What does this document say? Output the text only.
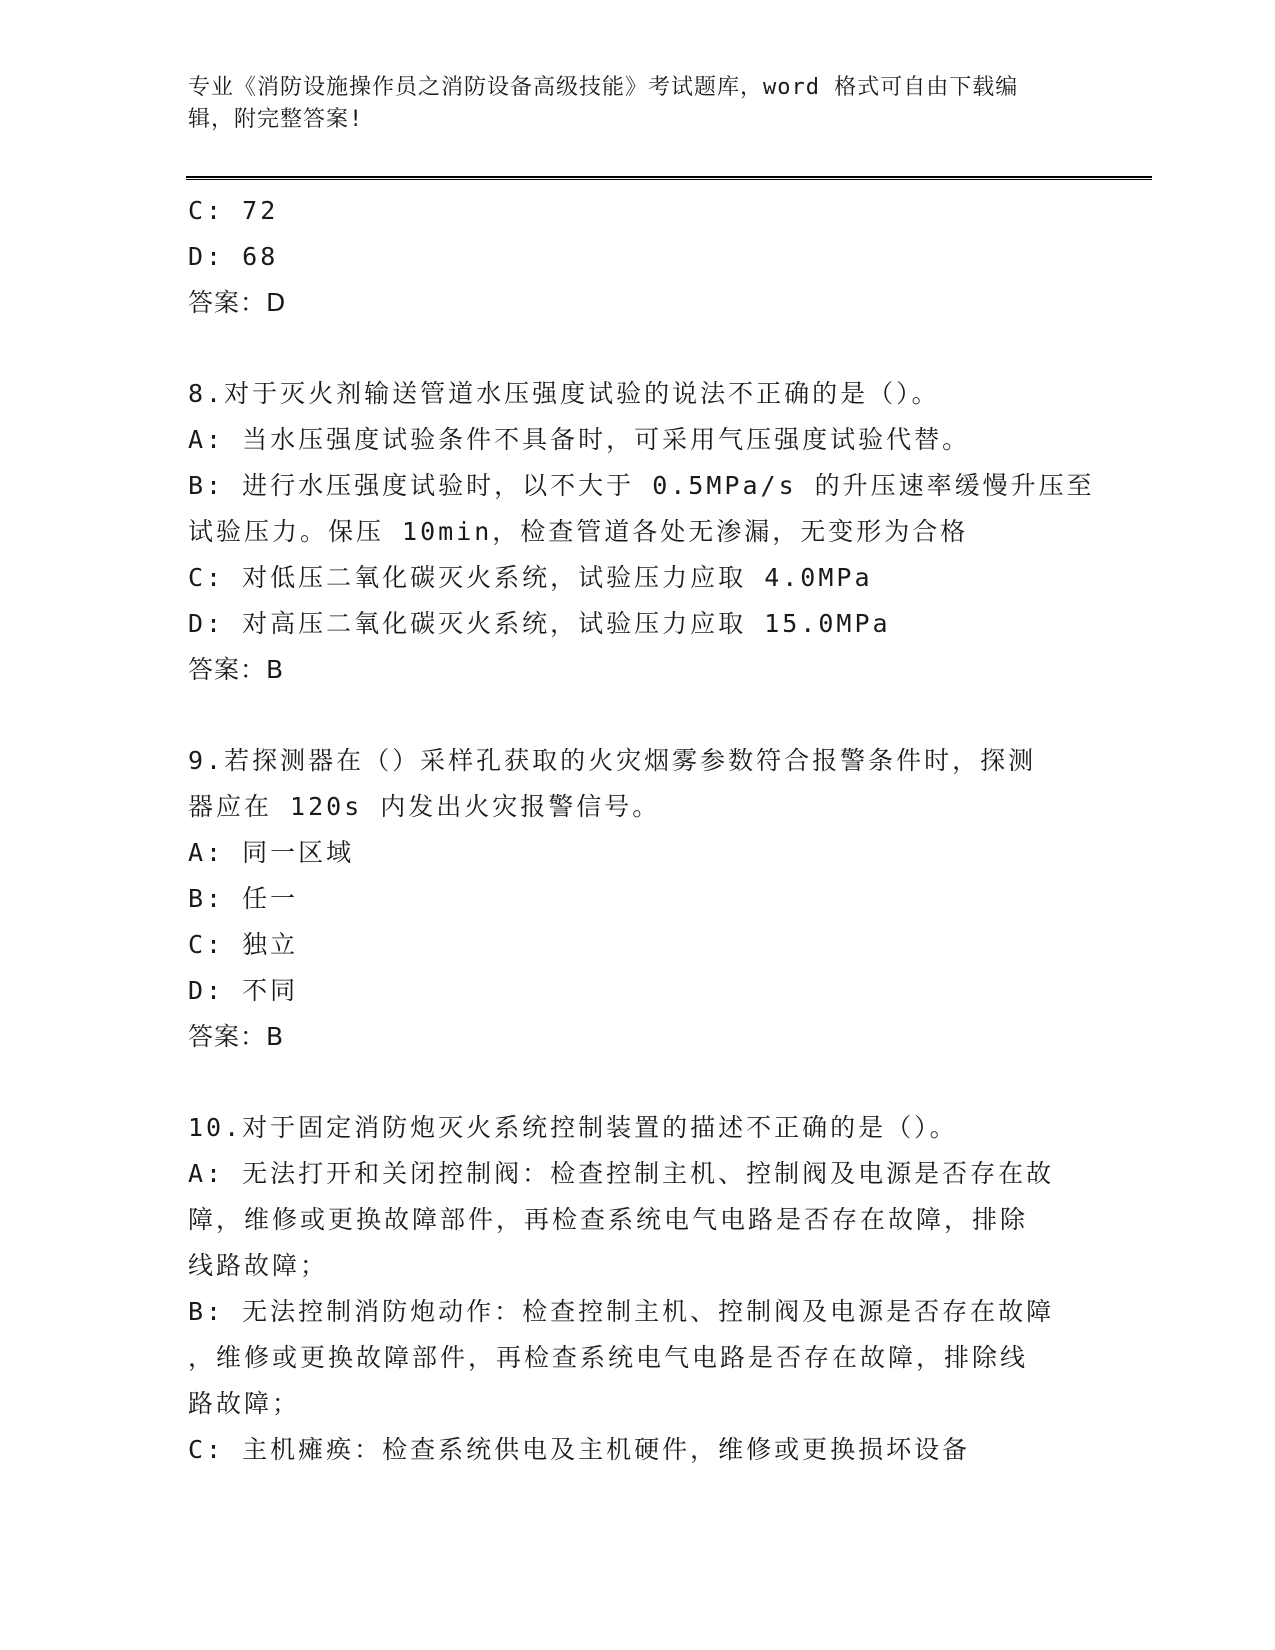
专业《消防设施操作员之消防设备高级技能》考试题库，word 格式可自由下载编
辑，附完整答案!
C: 72
D: 68
答案：D
8.对于灭火剂输送管道水压强度试验的说法不正确的是（）。
A: 当水压强度试验条件不具备时，可采用气压强度试验代替。
B: 进行水压强度试验时，以不大于 0.5MPa/s 的升压速率缓慢升压至
试验压力。保压 10min，检查管道各处无渗漏，无变形为合格
C: 对低压二氧化碳灭火系统，试验压力应取 4.0MPa
D: 对高压二氧化碳灭火系统，试验压力应取 15.0MPa
答案：B
9.若探测器在（）采样孔获取的火灾烟雾参数符合报警条件时，探测
器应在 120s 内发出火灾报警信号。
A: 同一区域
B: 任一
C: 独立
D: 不同
答案：B
10.对于固定消防炮灭火系统控制装置的描述不正确的是（）。
A: 无法打开和关闭控制阀：检查控制主机、控制阀及电源是否存在故
障，维修或更换故障部件，再检查系统电气电路是否存在故障，排除
线路故障；
B: 无法控制消防炮动作：检查控制主机、控制阀及电源是否存在故障
，维修或更换故障部件，再检查系统电气电路是否存在故障，排除线
路故障；
C: 主机瘫痪：检查系统供电及主机硬件，维修或更换损坏设备
